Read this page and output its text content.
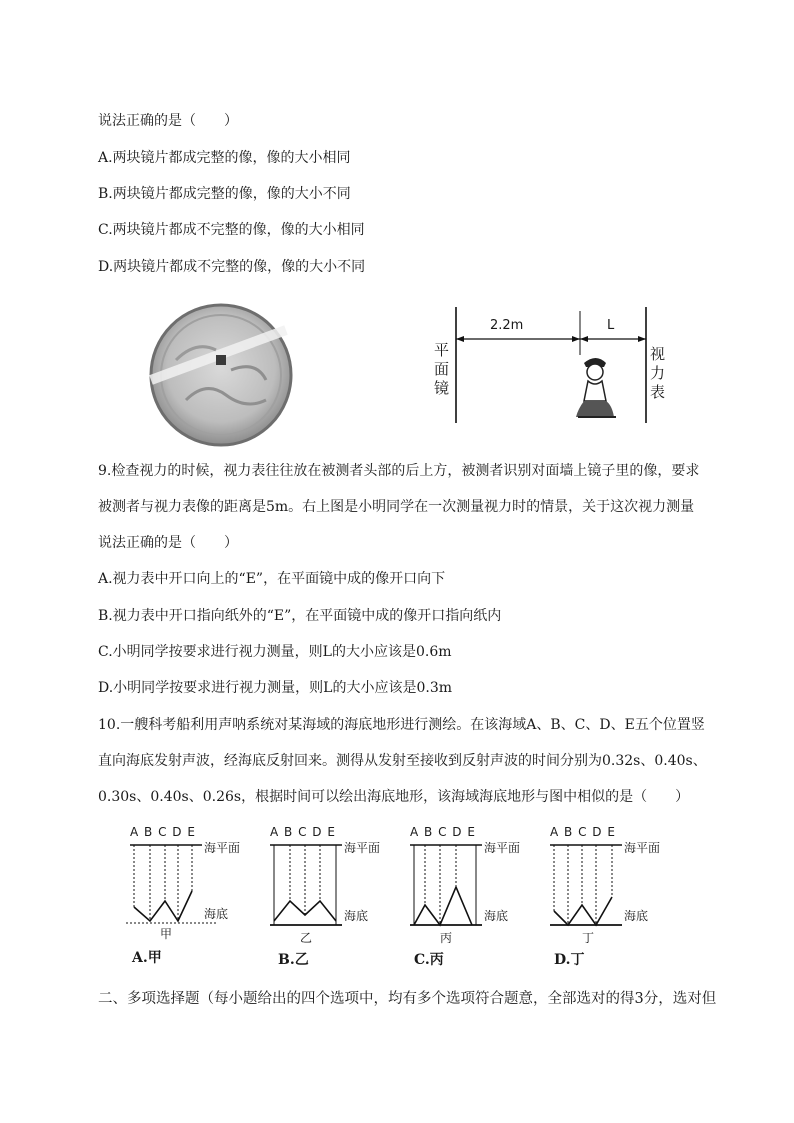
说法正确的是（　　）
A.两块镜片都成完整的像，像的大小相同
B.两块镜片都成完整的像，像的大小不同
C.两块镜片都成不完整的像，像的大小相同
D.两块镜片都成不完整的像，像的大小不同
2.2m	L
平
面
镜
视
力
表
9.检查视力的时候，视力表往往放在被测者头部的后上方，被测者识别对面墙上镜子里的像，要求
被测者与视力表像的距离是5m。右上图是小明同学在一次测量视力时的情景，关于这次视力测量
说法正确的是（　　）
A.视力表中开口向上的“E”，在平面镜中成的像开口向下
B.视力表中开口指向纸外的“E”，在平面镜中成的像开口指向纸内
C.小明同学按要求进行视力测量，则L的大小应该是0.6m
D.小明同学按要求进行视力测量，则L的大小应该是0.3m
10.一艘科考船利用声呐系统对某海域的海底地形进行测绘。在该海域A、B、C、D、E五个位置竖
直向海底发射声波，经海底反射回来。测得从发射至接收到反射声波的时间分别为0.32s、0.40s、
0.30s、0.40s、0.26s，根据时间可以绘出海底地形，该海域海底地形与图中相似的是（　　）
A B C D E
海平面
海底
甲
A.甲
A B C D E
海平面
海底
乙
B.乙
A B C D E
海平面
海底
丙
C.丙
A B C D E
海平面
海底
丁
D.丁
二、多项选择题（每小题给出的四个选项中，均有多个选项符合题意，全部选对的得3分，选对但
